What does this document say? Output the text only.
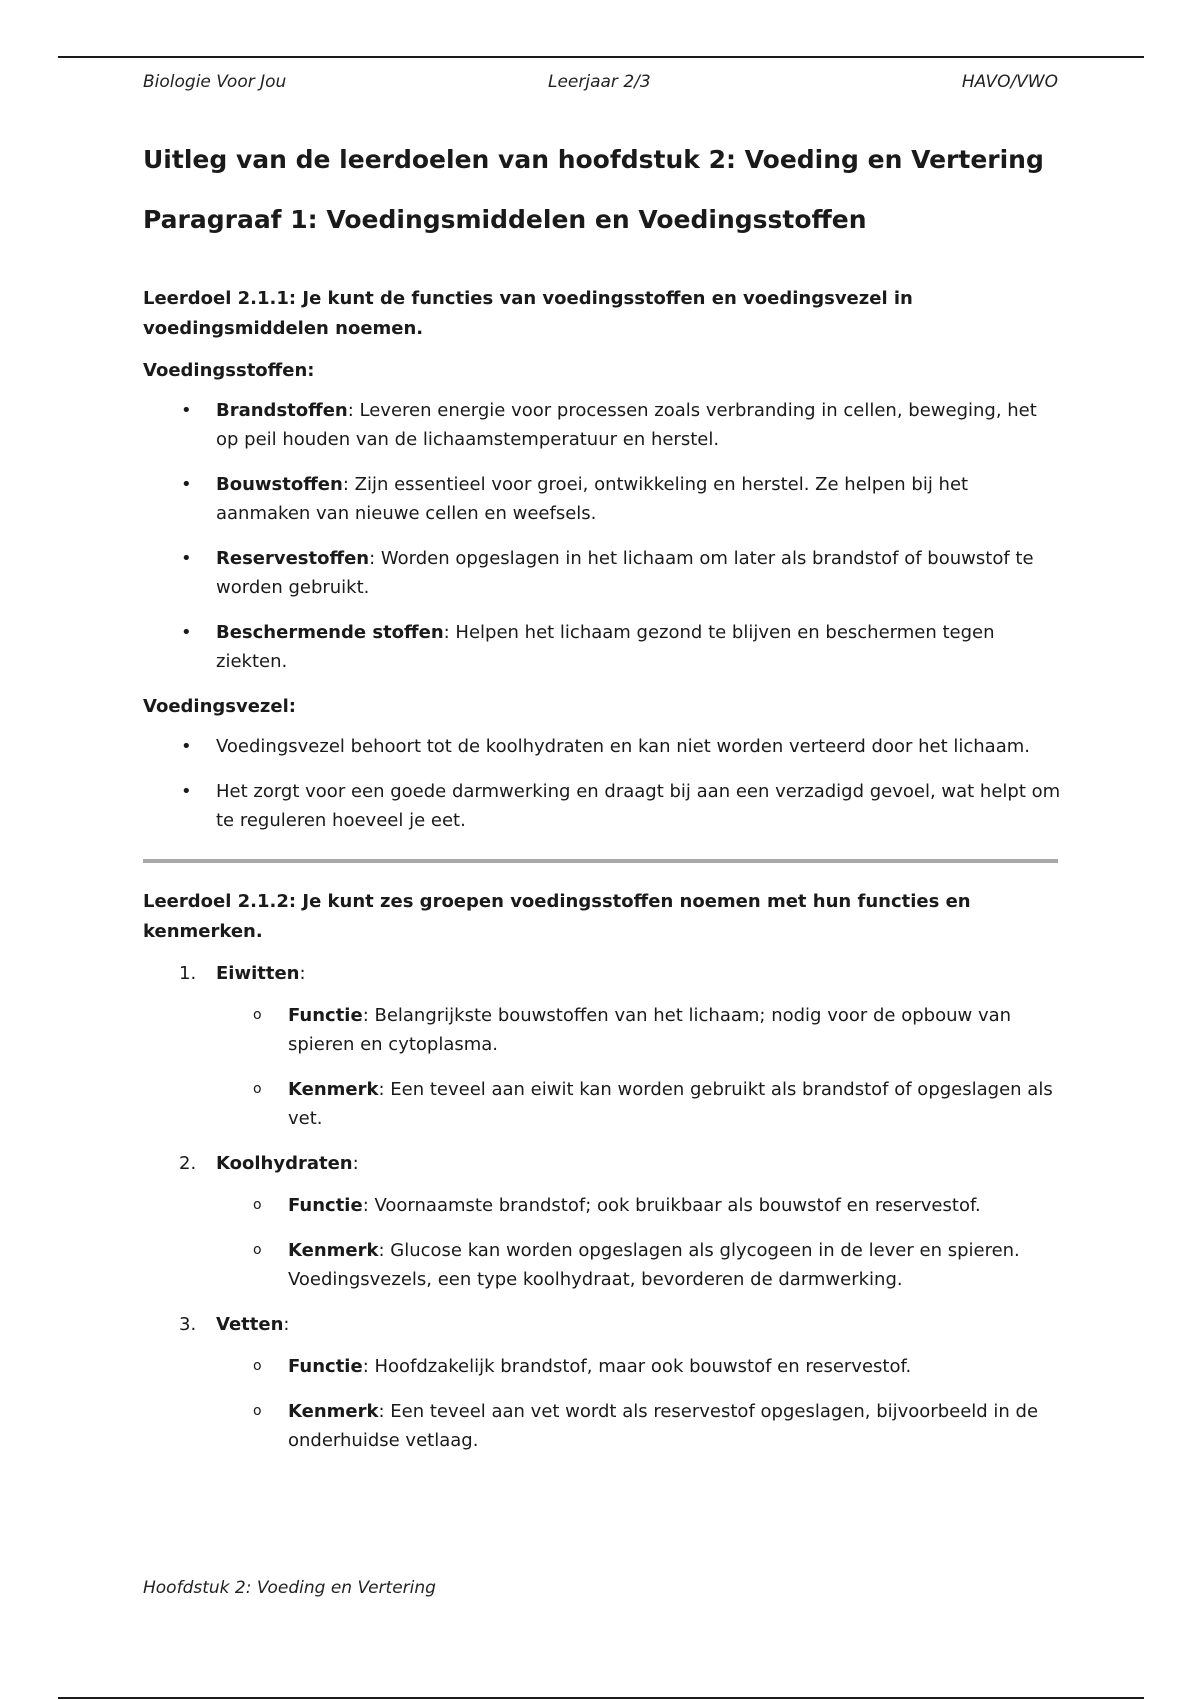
Biologie Voor Jou	Leerjaar 2/3	HAVO/VWO
Uitleg van de leerdoelen van hoofdstuk 2: Voeding en Vertering
Paragraaf 1: Voedingsmiddelen en Voedingsstoffen

Leerdoel 2.1.1: Je kunt de functies van voedingsstoffen en voedingsvezel in voedingsmiddelen noemen.

Voedingsstoffen:

• Brandstoffen: Leveren energie voor processen zoals verbranding in cellen, beweging, het op peil houden van de lichaamstemperatuur en herstel.
• Bouwstoffen: Zijn essentieel voor groei, ontwikkeling en herstel. Ze helpen bij het aanmaken van nieuwe cellen en weefsels.
• Reservestoffen: Worden opgeslagen in het lichaam om later als brandstof of bouwstof te worden gebruikt.
• Beschermende stoffen: Helpen het lichaam gezond te blijven en beschermen tegen ziekten.

Voedingsvezel:

• Voedingsvezel behoort tot de koolhydraten en kan niet worden verteerd door het lichaam.
• Het zorgt voor een goede darmwerking en draagt bij aan een verzadigd gevoel, wat helpt om te reguleren hoeveel je eet.

Leerdoel 2.1.2: Je kunt zes groepen voedingsstoffen noemen met hun functies en kenmerken.

1.	Eiwitten:
o Functie: Belangrijkste bouwstoffen van het lichaam; nodig voor de opbouw van spieren en cytoplasma.
o Kenmerk: Een teveel aan eiwit kan worden gebruikt als brandstof of opgeslagen als vet.
2.	Koolhydraten:
o Functie: Voornaamste brandstof; ook bruikbaar als bouwstof en reservestof.
o Kenmerk: Glucose kan worden opgeslagen als glycogeen in de lever en spieren. Voedingsvezels, een type koolhydraat, bevorderen de darmwerking.
3.	Vetten:
o Functie: Hoofdzakelijk brandstof, maar ook bouwstof en reservestof.
o Kenmerk: Een teveel aan vet wordt als reservestof opgeslagen, bijvoorbeeld in de onderhuidse vetlaag.
Hoofdstuk 2: Voeding en Vertering
